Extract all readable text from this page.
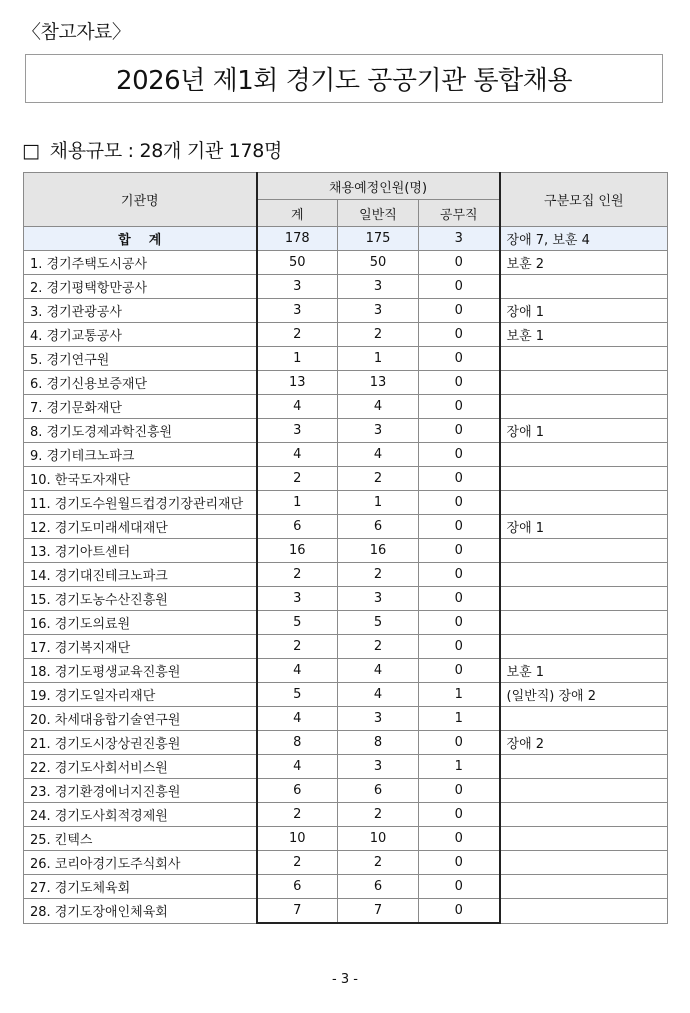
〈참고자료〉
2026년 제1회 경기도 공공기관 통합채용
□ 채용규모 : 28개 기관 178명
기관명	채용예정인원(명)			구분모집 인원
	계	일반직	공무직	
합    계	178	175	3	장애 7, 보훈 4
1. 경기주택도시공사	50	50	0	보훈 2
2. 경기평택항만공사	3	3	0	
3. 경기관광공사	3	3	0	장애 1
4. 경기교통공사	2	2	0	보훈 1
5. 경기연구원	1	1	0	
6. 경기신용보증재단	13	13	0	
7. 경기문화재단	4	4	0	
8. 경기도경제과학진흥원	3	3	0	장애 1
9. 경기테크노파크	4	4	0	
10. 한국도자재단	2	2	0	
11. 경기도수원월드컵경기장관리재단	1	1	0	
12. 경기도미래세대재단	6	6	0	장애 1
13. 경기아트센터	16	16	0	
14. 경기대진테크노파크	2	2	0	
15. 경기도농수산진흥원	3	3	0	
16. 경기도의료원	5	5	0	
17. 경기복지재단	2	2	0	
18. 경기도평생교육진흥원	4	4	0	보훈 1
19. 경기도일자리재단	5	4	1	(일반직) 장애 2
20. 차세대융합기술연구원	4	3	1	
21. 경기도시장상권진흥원	8	8	0	장애 2
22. 경기도사회서비스원	4	3	1	
23. 경기환경에너지진흥원	6	6	0	
24. 경기도사회적경제원	2	2	0	
25. 킨텍스	10	10	0	
26. 코리아경기도주식회사	2	2	0	
27. 경기도체육회	6	6	0	
28. 경기도장애인체육회	7	7	0	
- 3 -
